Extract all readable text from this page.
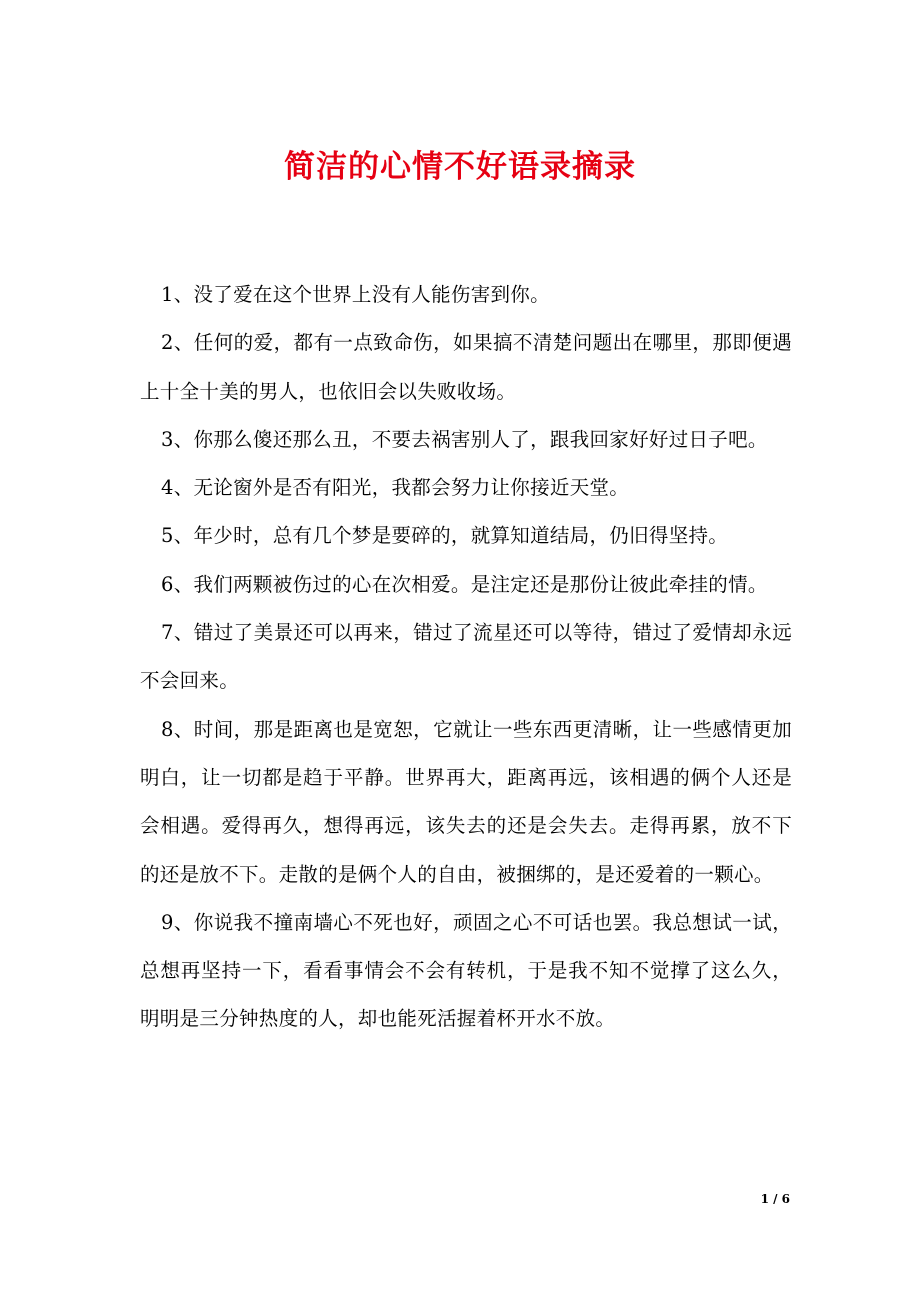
简洁的心情不好语录摘录

1、没了爱在这个世界上没有人能伤害到你。

2、任何的爱，都有一点致命伤，如果搞不清楚问题出在哪里，那即便遇上十全十美的男人，也依旧会以失败收场。

3、你那么傻还那么丑，不要去祸害别人了，跟我回家好好过日子吧。

4、无论窗外是否有阳光，我都会努力让你接近天堂。

5、年少时，总有几个梦是要碎的，就算知道结局，仍旧得坚持。

6、我们两颗被伤过的心在次相爱。是注定还是那份让彼此牵挂的情。

7、错过了美景还可以再来，错过了流星还可以等待，错过了爱情却永远不会回来。

8、时间，那是距离也是宽恕，它就让一些东西更清晰，让一些感情更加明白，让一切都是趋于平静。世界再大，距离再远，该相遇的俩个人还是会相遇。爱得再久，想得再远，该失去的还是会失去。走得再累，放不下的还是放不下。走散的是俩个人的自由，被捆绑的，是还爱着的一颗心。

9、你说我不撞南墙心不死也好，顽固之心不可话也罢。我总想试一试，总想再坚持一下，看看事情会不会有转机，于是我不知不觉撑了这么久，明明是三分钟热度的人，却也能死活握着杯开水不放。

1 / 6
